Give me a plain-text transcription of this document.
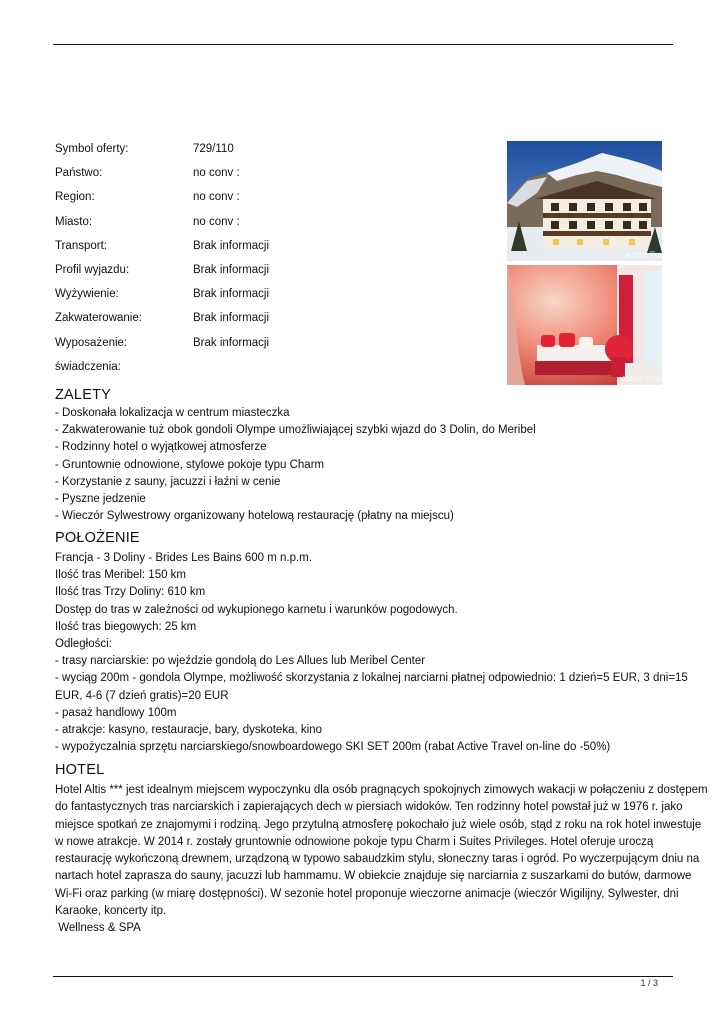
Symbol oferty:	729/110
Państwo:	no conv :
Region:	no conv :
Miasto:	no conv :
Transport:	Brak informacji
Profil wyjazdu:	Brak informacji
Wyżywienie:	Brak informacji
Zakwaterowanie:	Brak informacji
Wyposażenie:	Brak informacji
świadczenia:
Active Travel
Active Travel
ZALETY
- Doskonała lokalizacja w centrum miasteczka
- Zakwaterowanie tuż obok gondoli Olympe umożliwiającej szybki wjazd do 3 Dolin, do Meribel
- Rodzinny hotel o wyjątkowej atmosferze
- Gruntownie odnowione, stylowe pokoje typu Charm
- Korzystanie z sauny, jacuzzi i łaźni w cenie
- Pyszne jedzenie
- Wieczór Sylwestrowy organizowany hotelową restaurację (płatny na miejscu)
POŁOŻENIE
Francja - 3 Doliny - Brides Les Bains 600 m n.p.m.
Ilość tras Meribel: 150 km
Ilość tras Trzy Doliny: 610 km
Dostęp do tras w zależności od wykupionego karnetu i warunków pogodowych.
Ilość tras biegowych: 25 km
Odległości:
- trasy narciarskie: po wjeździe gondolą do Les Allues lub Meribel Center
- wyciąg 200m - gondola Olympe, możliwość skorzystania z lokalnej narciarni płatnej odpowiednio: 1 dzień=5 EUR, 3 dni=15
EUR, 4-6 (7 dzień gratis)=20 EUR
- pasaż handlowy 100m
- atrakcje: kasyno, restauracje, bary, dyskoteka, kino
- wypożyczalnia sprzętu narciarskiego/snowboardowego SKI SET 200m (rabat Active Travel on-line do -50%)
HOTEL
Hotel Altis *** jest idealnym miejscem wypoczynku dla osób pragnących spokojnych zimowych wakacji w połączeniu z dostępem
do fantastycznych tras narciarskich i zapierających dech w piersiach widoków. Ten rodzinny hotel powstał już w 1976 r. jako
miejsce spotkań ze znajomymi i rodziną. Jego przytulną atmosferę pokochało już wiele osób, stąd z roku na rok hotel inwestuje
w nowe atrakcje. W 2014 r. zostały gruntownie odnowione pokoje typu Charm i Suites Privileges. Hotel oferuje uroczą
restaurację wykończoną drewnem, urządzoną w typowo sabaudzkim stylu, słoneczny taras i ogród. Po wyczerpującym dniu na
nartach hotel zaprasza do sauny, jacuzzi lub hammamu. W obiekcie znajduje się narciarnia z suszarkami do butów, darmowe
Wi-Fi oraz parking (w miarę dostępności). W sezonie hotel proponuje wieczorne animacje (wieczór Wigilijny, Sylwester, dni
Karaoke, koncerty itp.
Wellness & SPA
1 / 3
